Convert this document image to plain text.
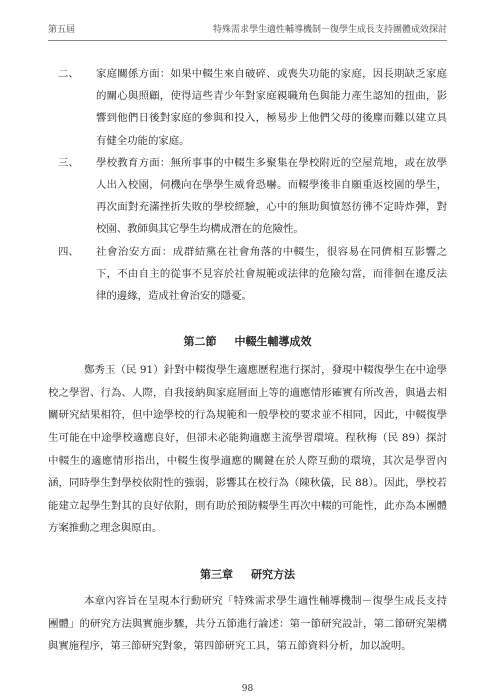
第五屆	特殊需求學生適性輔導機制－復學生成長支持團體成效探討
二、 家庭關係方面：如果中輟生來自破碎、或喪失功能的家庭，因長期缺乏家庭的關心與照顧，使得這些青少年對家庭親職角色與能力產生認知的扭曲，影響到他們日後對家庭的參與和投入，極易步上他們父母的後塵而難以建立具有健全功能的家庭。
三、 學校教育方面：無所事事的中輟生多聚集在學校附近的空屋荒地，或在放學人出入校園，伺機向在學學生威脅恐嚇。而輟學後非自願重返校園的學生，再次面對充滿挫折失敗的學校經驗，心中的無助與憤怒彷彿不定時炸彈，對校園、教師與其它學生均構成潛在的危險性。
四、 社會治安方面：成群結黨在社會角落的中輟生，很容易在同儕相互影響之下，不由自主的從事不見容於社會規範或法律的危險勾當，而徘徊在違反法律的邊緣，造成社會治安的隱憂。
第二節 中輟生輔導成效

鄭秀玉（民 91）針對中輟復學生適應歷程進行探討，發現中輟復學生在中途學校之學習、行為、人際，自我接納與家庭層面上等的適應情形確實有所改善，與過去相關研究結果相符，但中途學校的行為規範和一般學校的要求並不相同，因此，中輟復學生可能在中途學校適應良好，但卻未必能夠適應主流學習環境。程秋梅（民 89）探討中輟生的適應情形指出，中輟生復學適應的關鍵在於人際互動的環境，其次是學習內涵，同時學生對學校依附性的強弱，影響其在校行為（陳秋儀，民 88）。因此，學校若能建立起學生對其的良好依附，則有助於預防輟學生再次中輟的可能性，此亦為本團體方案推動之理念與原由。

第三章 研究方法

本章內容旨在呈現本行動研究「特殊需求學生適性輔導機制－復學生成長支持團體」的研究方法與實施步驟，共分五節進行論述：第一節研究設計，第二節研究架構與實施程序，第三節研究對象，第四節研究工具，第五節資料分析，加以說明。

98
